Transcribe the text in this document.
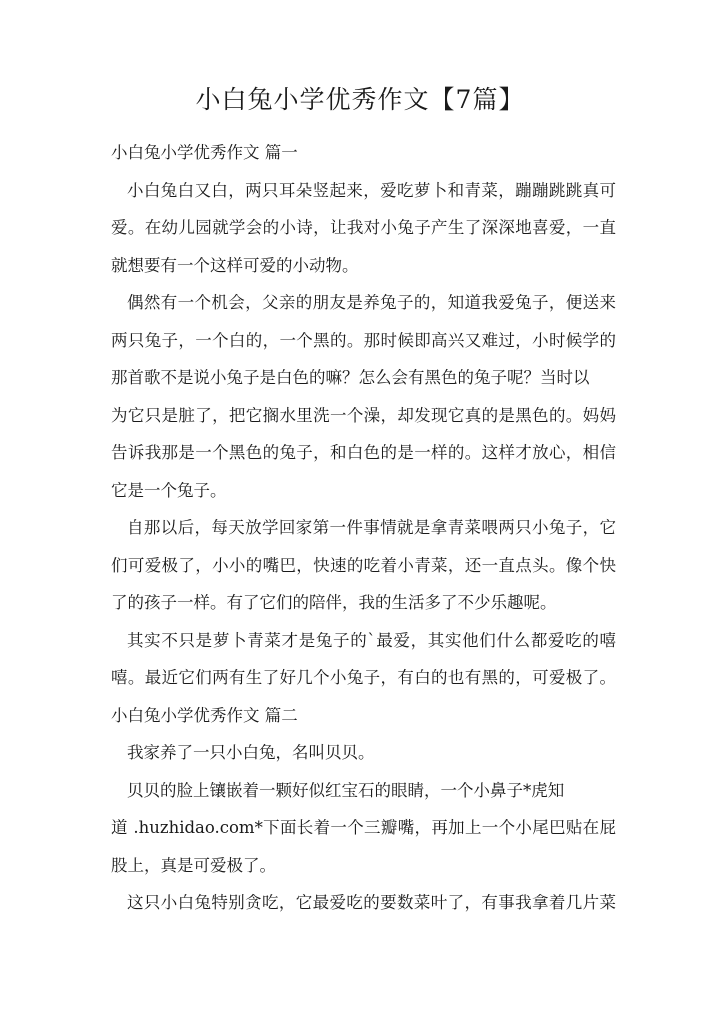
小白兔小学优秀作文【7篇】
小白兔小学优秀作文 篇一
小白兔白又白，两只耳朵竖起来，爱吃萝卜和青菜，蹦蹦跳跳真可
爱。在幼儿园就学会的小诗，让我对小兔子产生了深深地喜爱，一直
就想要有一个这样可爱的小动物。
偶然有一个机会，父亲的朋友是养兔子的，知道我爱兔子，便送来
两只兔子，一个白的，一个黑的。那时候即高兴又难过，小时候学的
那首歌不是说小兔子是白色的嘛？怎么会有黑色的兔子呢？当时以
为它只是脏了，把它搁水里洗一个澡，却发现它真的是黑色的。妈妈
告诉我那是一个黑色的兔子，和白色的是一样的。这样才放心，相信
它是一个兔子。
自那以后，每天放学回家第一件事情就是拿青菜喂两只小兔子，它
们可爱极了，小小的嘴巴，快速的吃着小青菜，还一直点头。像个快
了的孩子一样。有了它们的陪伴，我的生活多了不少乐趣呢。
其实不只是萝卜青菜才是兔子的`最爱，其实他们什么都爱吃的嘻
嘻。最近它们两有生了好几个小兔子，有白的也有黑的，可爱极了。
小白兔小学优秀作文 篇二
我家养了一只小白兔，名叫贝贝。
贝贝的脸上镶嵌着一颗好似红宝石的眼睛，一个小鼻子*虎知
道 .huzhidao.com*下面长着一个三瓣嘴，再加上一个小尾巴贴在屁
股上，真是可爱极了。
这只小白兔特别贪吃，它最爱吃的要数菜叶了，有事我拿着几片菜
